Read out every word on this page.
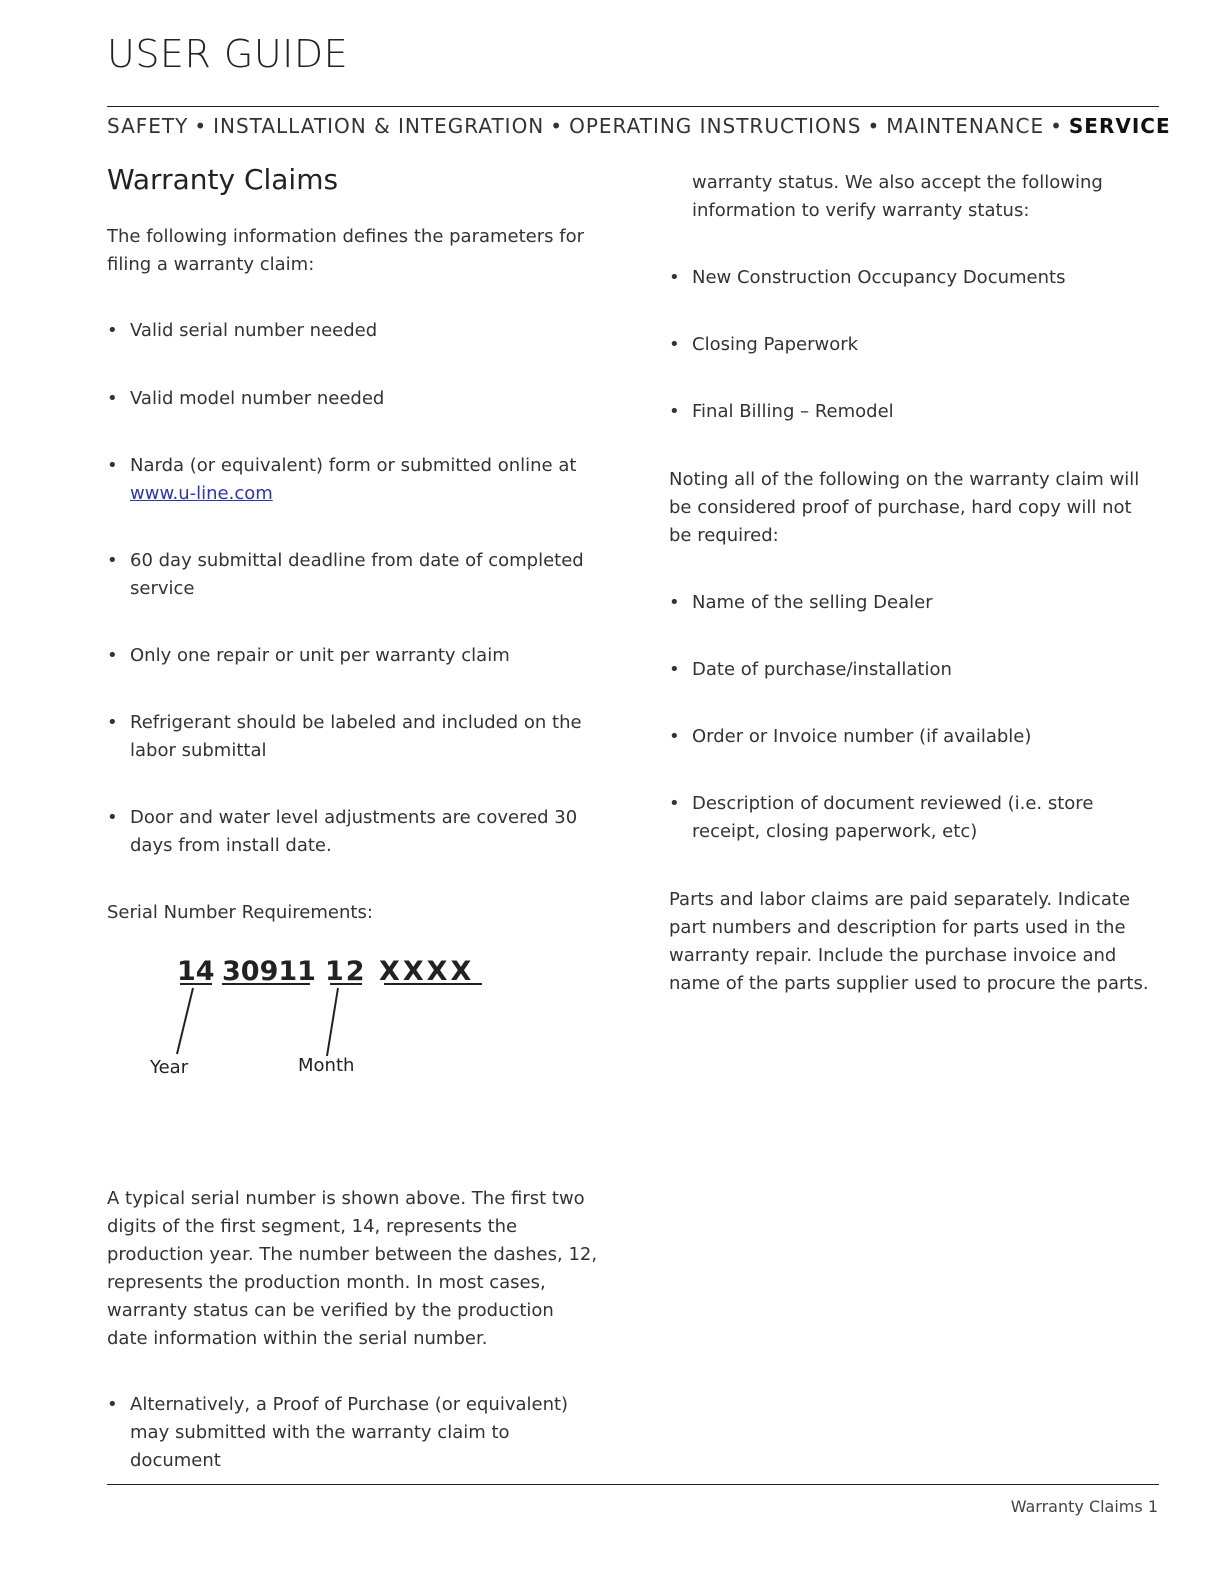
USER GUIDE
SAFETY • INSTALLATION & INTEGRATION • OPERATING INSTRUCTIONS • MAINTENANCE • SERVICE
Warranty Claims

The following information defines the parameters for filing a warranty claim:

• Valid serial number needed
• Valid model number needed
• Narda (or equivalent) form or submitted online at
www.u-line.com
• 60 day submittal deadline from date of completed service
• Only one repair or unit per warranty claim
• Refrigerant should be labeled and included on the labor submittal
• Door and water level adjustments are covered 30 days from install date.

Serial Number Requirements:

14 30911 12 XXXX
Year	Month

A typical serial number is shown above. The first two digits of the first segment, 14, represents the production year. The number between the dashes, 12, represents the production month. In most cases, warranty status can be verified by the production date information within the serial number.

• Alternatively, a Proof of Purchase (or equivalent) may submitted with the warranty claim to document

warranty status. We also accept the following information to verify warranty status:

• New Construction Occupancy Documents
• Closing Paperwork
• Final Billing – Remodel

Noting all of the following on the warranty claim will be considered proof of purchase, hard copy will not be required:

• Name of the selling Dealer
• Date of purchase/installation
• Order or Invoice number (if available)
• Description of document reviewed (i.e. store receipt, closing paperwork, etc)

Parts and labor claims are paid separately. Indicate part numbers and description for parts used in the warranty repair. Include the purchase invoice and name of the parts supplier used to procure the parts.

Warranty Claims 1
